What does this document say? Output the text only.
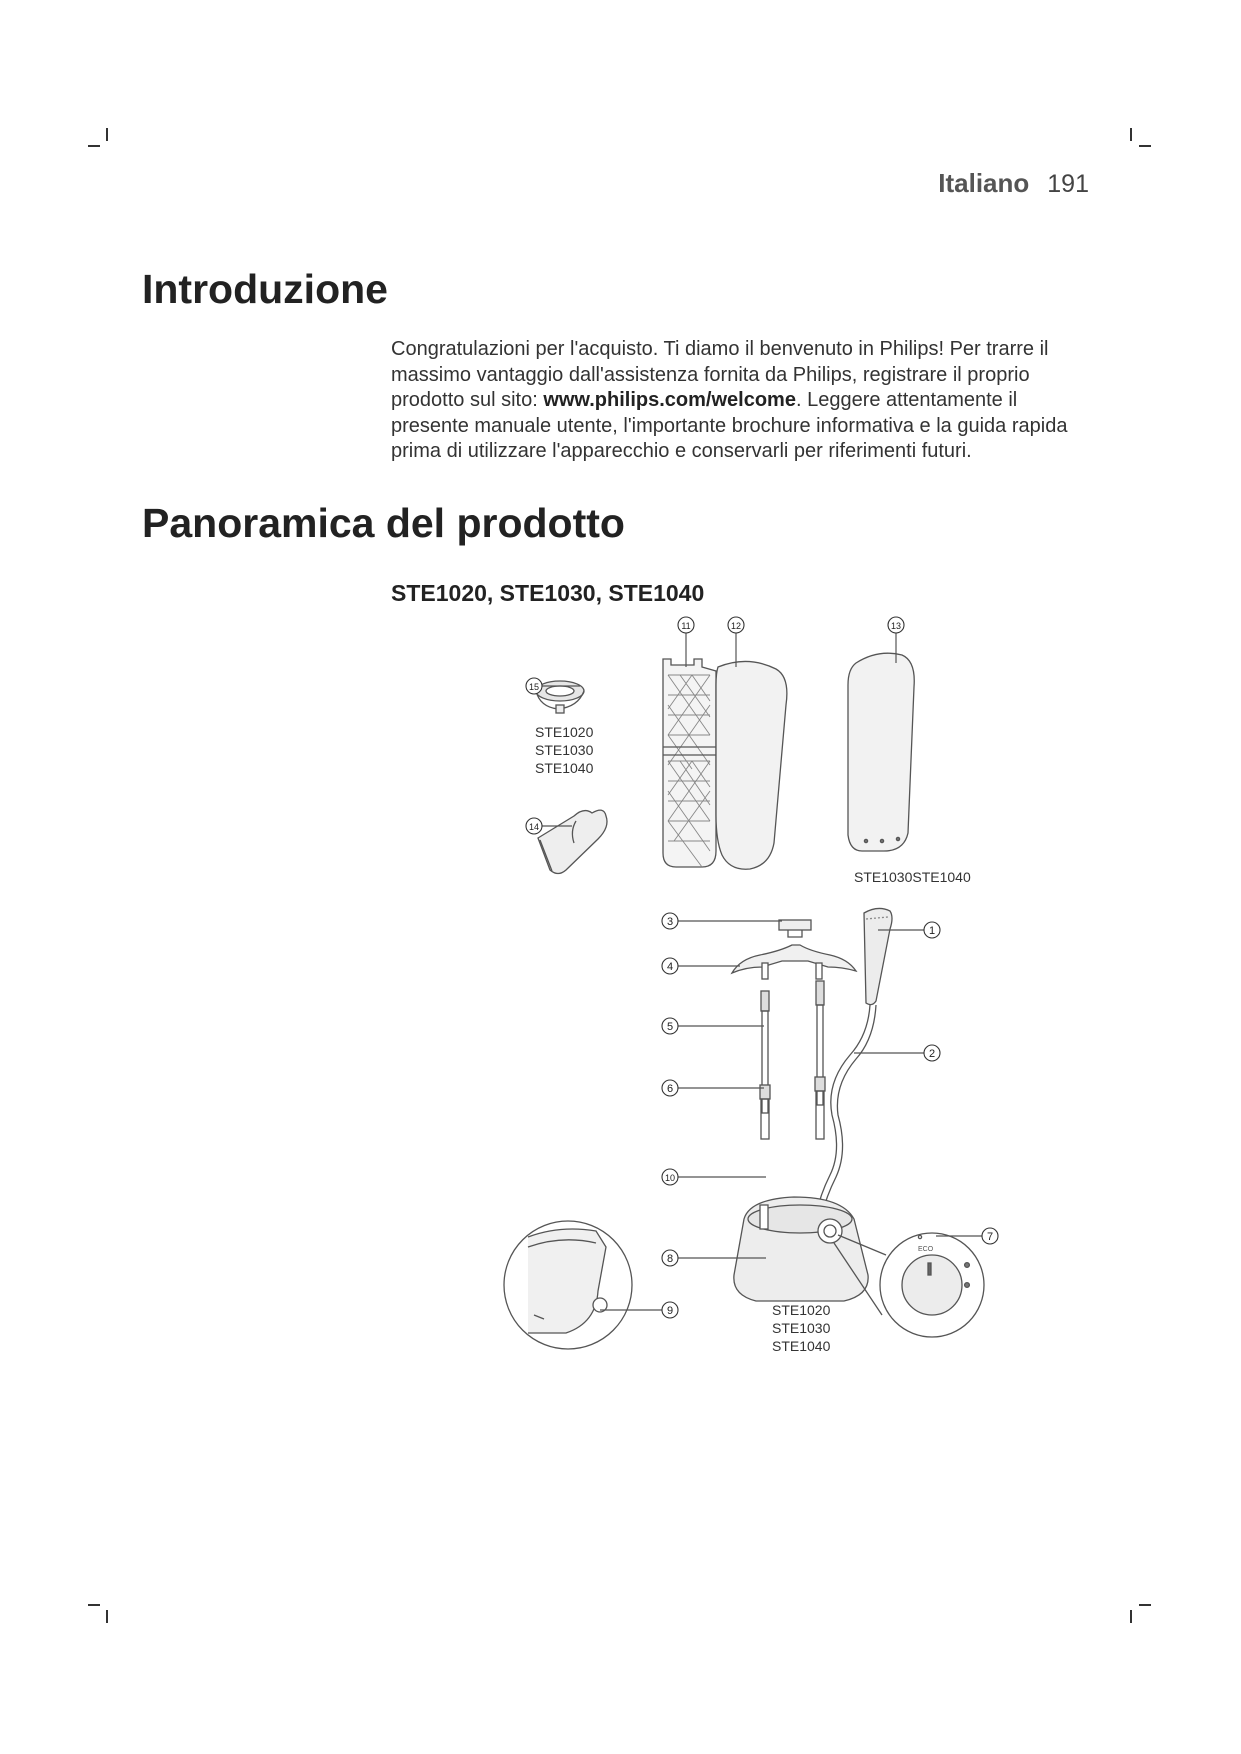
Italiano 191
Introduzione

Congratulazioni per l'acquisto. Ti diamo il benvenuto in Philips! Per trarre il massimo vantaggio dall'assistenza fornita da Philips, registrare il proprio prodotto sul sito: www.philips.com/welcome. Leggere attentamente il presente manuale utente, l'importante brochure informativa e la guida rapida prima di utilizzare l'apparecchio e conservarli per riferimenti futuri.

Panoramica del prodotto
STE1020, STE1030, STE1040
1
2
3
4
5
6
7
8
9
10
11	12	13
14
15
STE1020
STE1030
STE1040
STE1030STE1040
STE1020
STE1030
STE1040
ECO
